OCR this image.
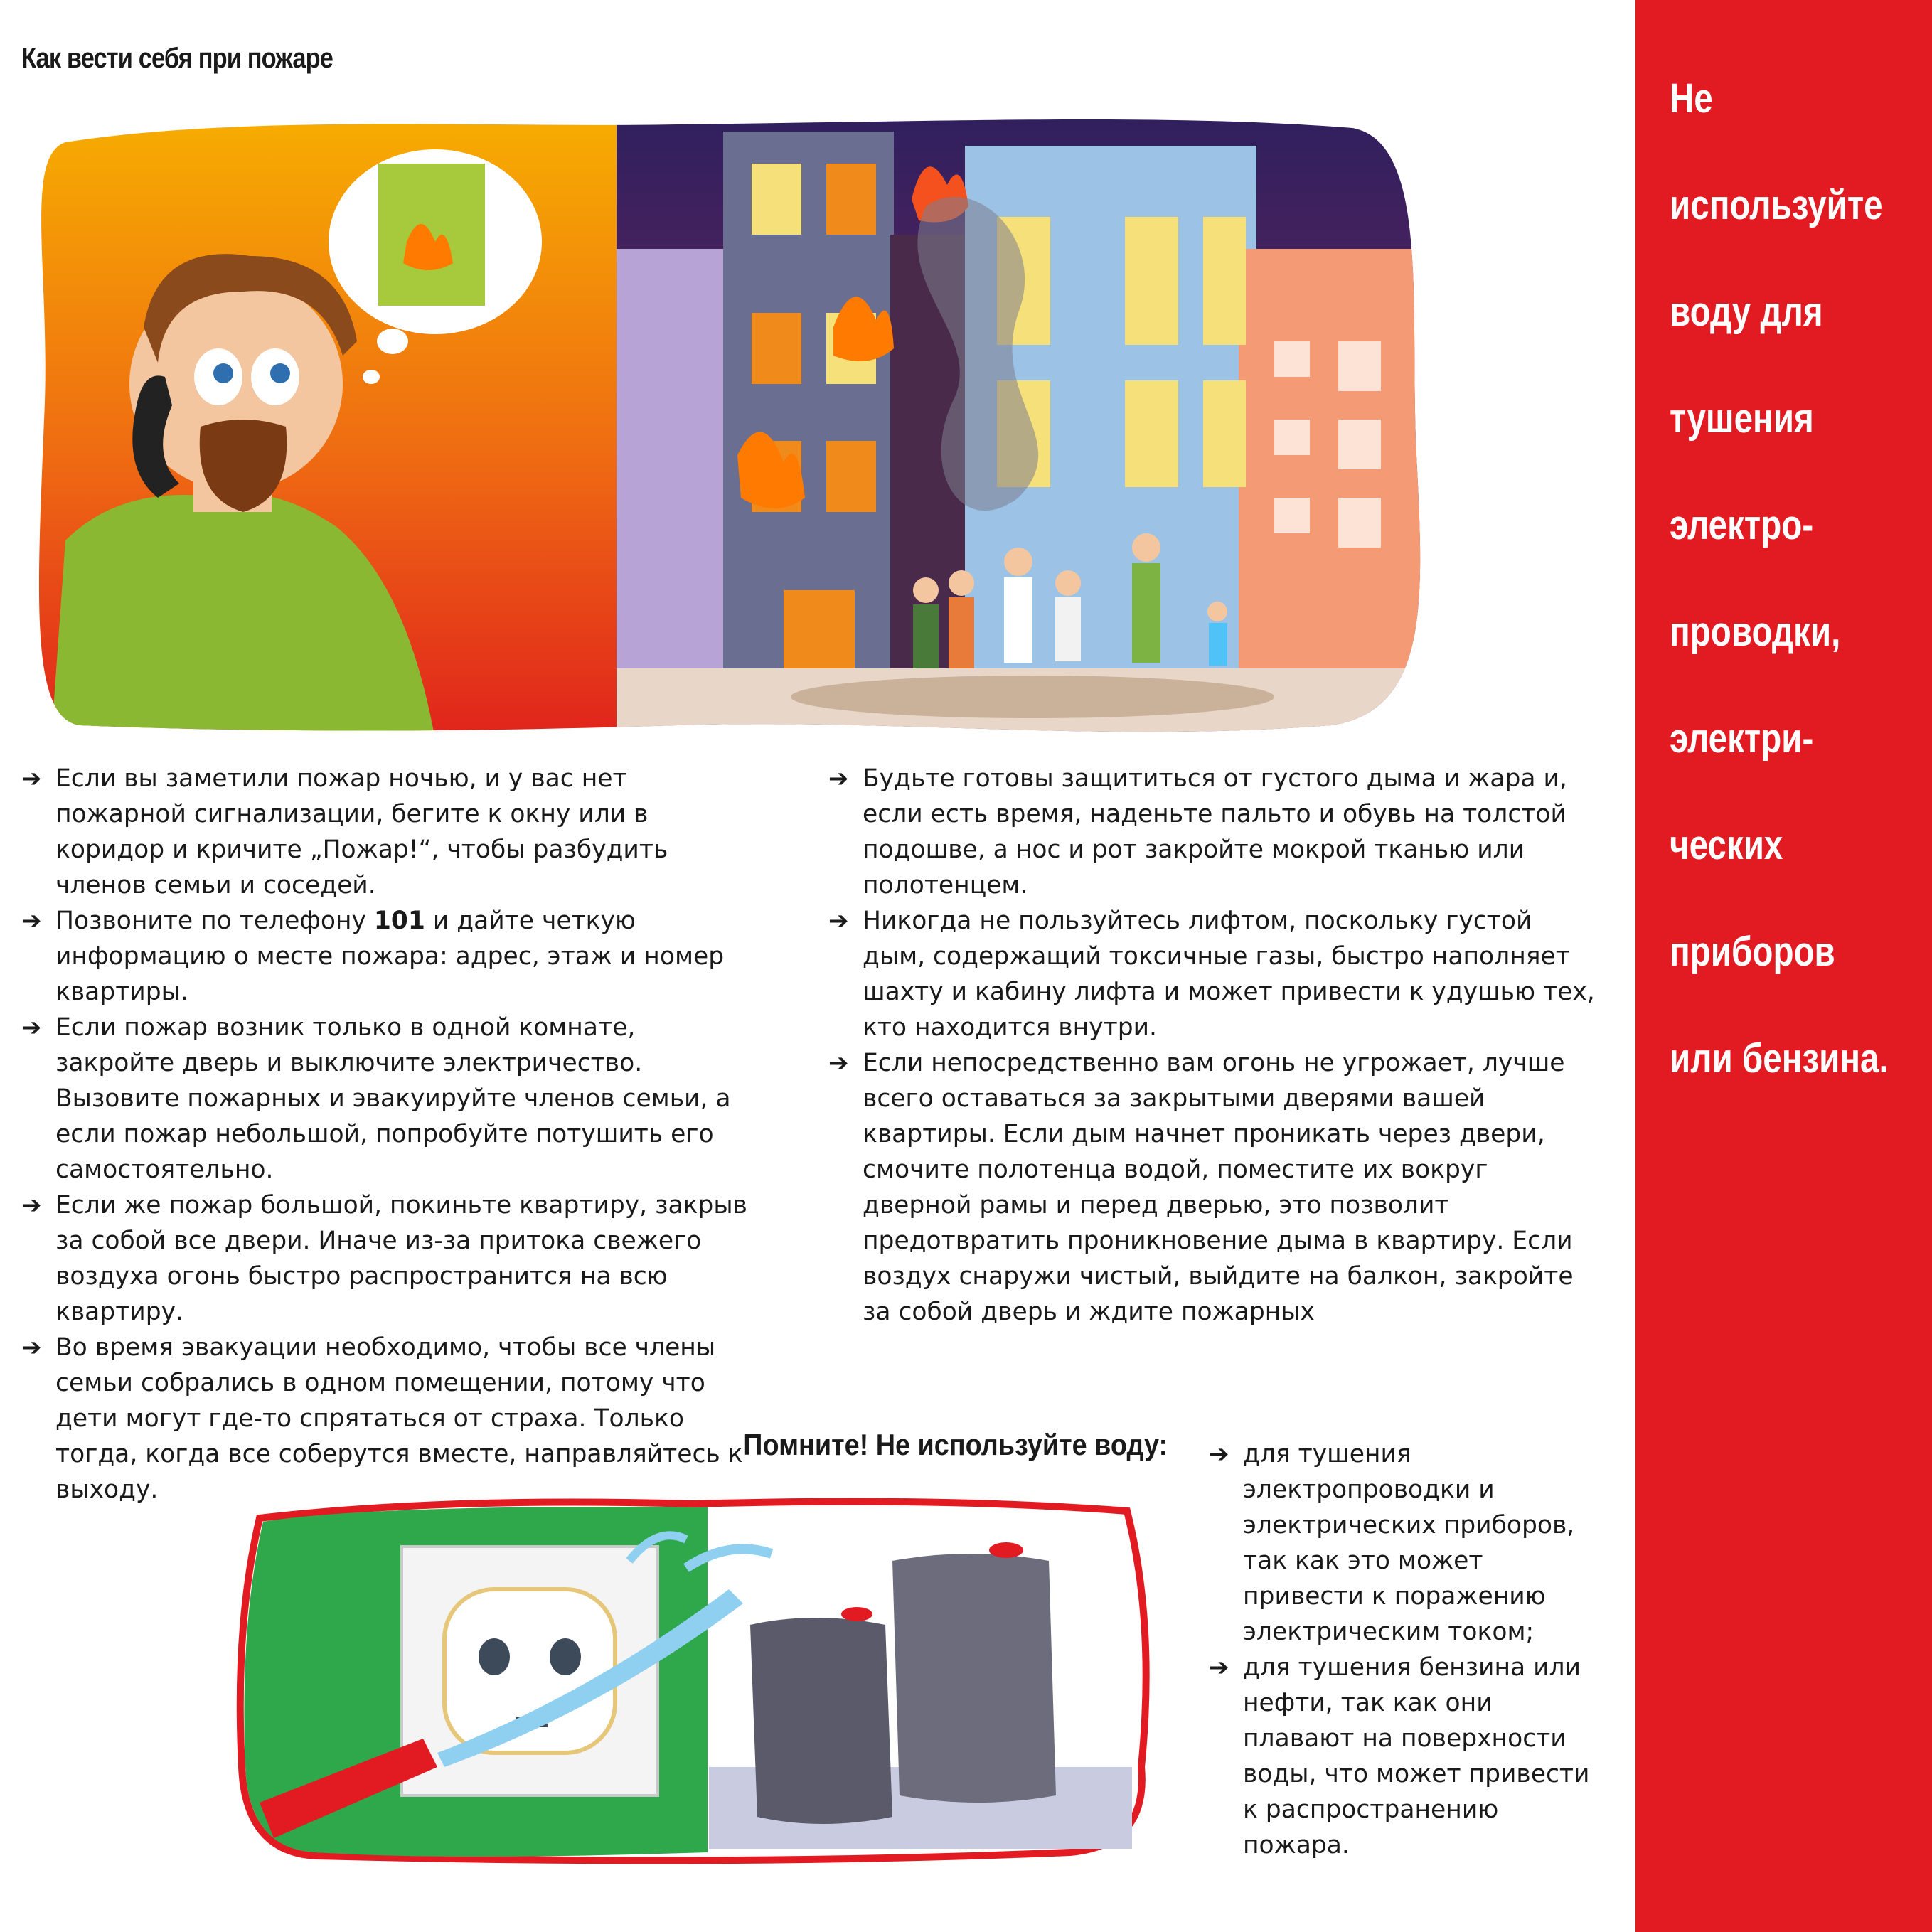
Как вести себя при пожаре
➔ Если вы заметили пожар ночью, и у вас нет пожарной сигнализации, бегите к окну или в коридор и кричите „Пожар!“, чтобы разбудить членов семьи и соседей.
➔ Позвоните по телефону 101 и дайте четкую информацию о месте пожара: адрес, этаж и номер квартиры.
➔ Если пожар возник только в одной комнате, закройте дверь и выключите электричество. Вызовите пожарных и эвакуируйте членов семьи, а если пожар небольшой, попробуйте потушить его самостоятельно.
➔ Если же пожар большой, покиньте квартиру, закрыв за собой все двери. Иначе из-за притока свежего воздуха огонь быстро распространится на всю квартиру.
➔ Во время эвакуации необходимо, чтобы все члены семьи собрались в одном помещении, потому что дети могут где-то спрятаться от страха. Только тогда, когда все соберутся вместе, направляйтесь к выходу.
➔ Будьте готовы защититься от густого дыма и жара и, если есть время, наденьте пальто и обувь на толстой подошве, а нос и рот закройте мокрой тканью или полотенцем.
➔ Никогда не пользуйтесь лифтом, поскольку густой дым, содержащий токсичные газы, быстро наполняет шахту и кабину лифта и может привести к удушью тех, кто находится внутри.
➔ Если непосредственно вам огонь не угрожает, лучше всего оставаться за закрытыми дверями вашей квартиры. Если дым начнет проникать через двери, смочите полотенца водой, поместите их вокруг дверной рамы и перед дверью, это позволит предотвратить проникновение дыма в квартиру. Если воздух снаружи чистый, выйдите на балкон, закройте за собой дверь и ждите пожарных
Помните! Не используйте воду: ➔ для тушения электропроводки и электрических приборов, так как это может привести к поражению электрическим током;
➔ для тушения бензина или нефти, так как они плавают на поверхности воды, что может привести к распространению пожара.

Не

используйте

воду для

тушения

электро-

проводки,

электри-

ческих

приборов

или бензина.
